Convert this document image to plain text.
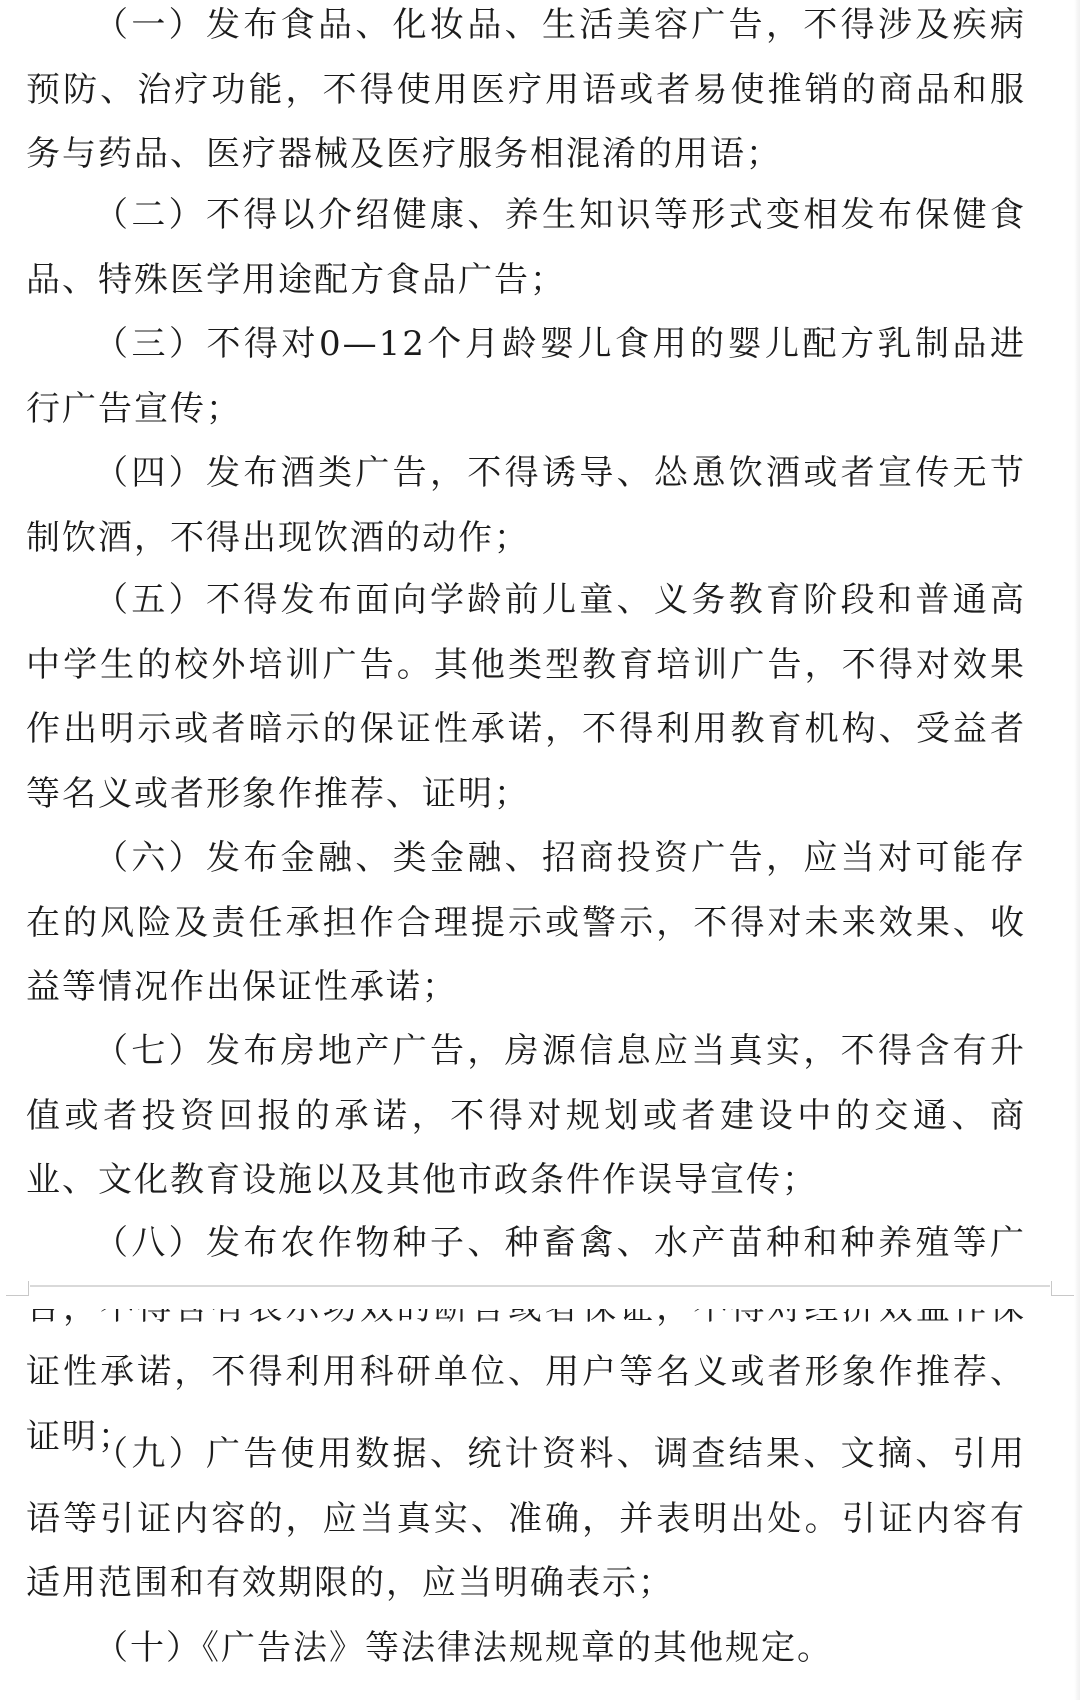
（一）发布食品、化妆品、生活美容广告，不得涉及疾病预防、治疗功能，不得使用医疗用语或者易使推销的商品和服务与药品、医疗器械及医疗服务相混淆的用语；

（二）不得以介绍健康、养生知识等形式变相发布保健食品、特殊医学用途配方食品广告；

（三）不得对0—12个月龄婴儿食用的婴儿配方乳制品进行广告宣传；

（四）发布酒类广告，不得诱导、怂恿饮酒或者宣传无节制饮酒，不得出现饮酒的动作；

（五）不得发布面向学龄前儿童、义务教育阶段和普通高中学生的校外培训广告。其他类型教育培训广告，不得对效果作出明示或者暗示的保证性承诺，不得利用教育机构、受益者等名义或者形象作推荐、证明；

（六）发布金融、类金融、招商投资广告，应当对可能存在的风险及责任承担作合理提示或警示，不得对未来效果、收益等情况作出保证性承诺；

（七）发布房地产广告，房源信息应当真实，不得含有升值或者投资回报的承诺，不得对规划或者建设中的交通、商业、文化教育设施以及其他市政条件作误导宣传；

（八）发布农作物种子、种畜禽、水产苗种和种养殖等广 证性承诺，不得利用科研单位、用户等名义或者形象作推荐、证明；

（九）广告使用数据、统计资料、调查结果、文摘、引用语等引证内容的，应当真实、准确，并表明出处。引证内容有适用范围和有效期限的，应当明确表示；

（十）《广告法》等法律法规规章的其他规定。
